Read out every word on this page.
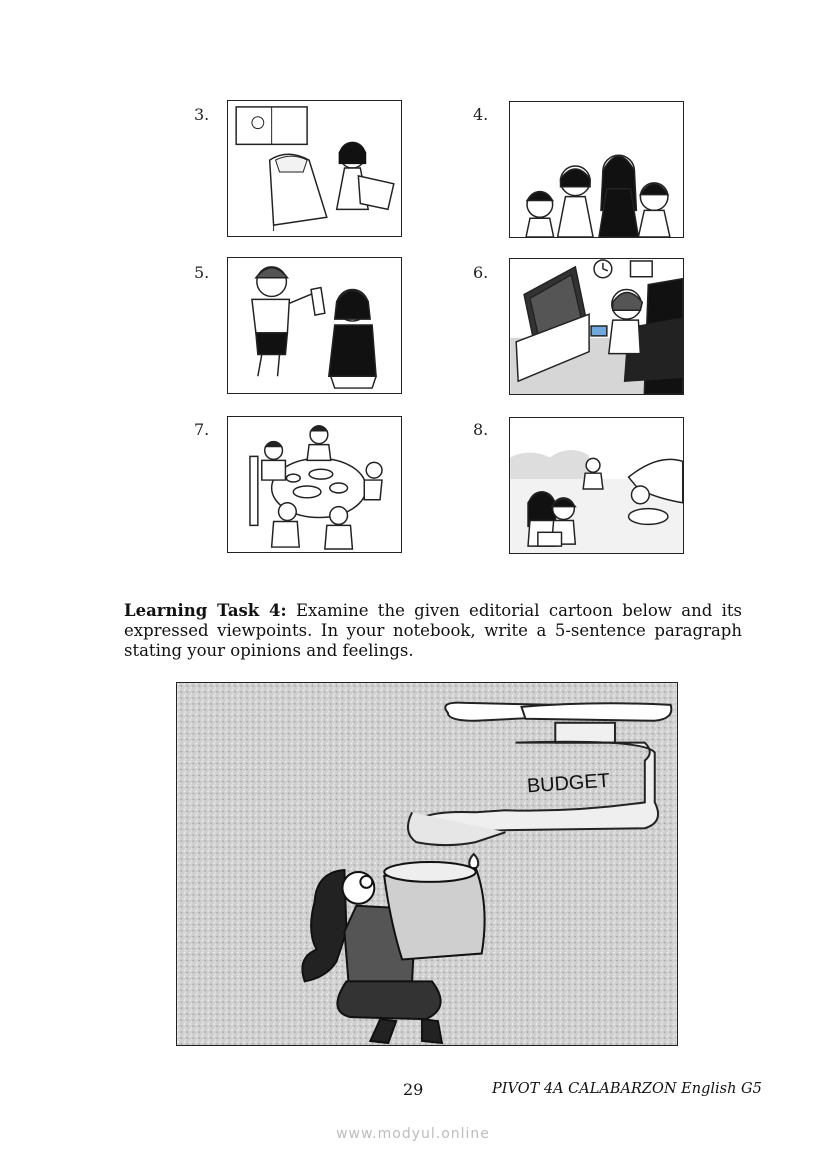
3.	4.
5.	6.
7.	8.
Learning Task 4: Examine the given editorial cartoon below and its expressed viewpoints. In your notebook, write a 5-sentence paragraph stating your opinions and feelings.
BUDGET
29	PIVOT 4A CALABARZON English G5
www.modyul.online
